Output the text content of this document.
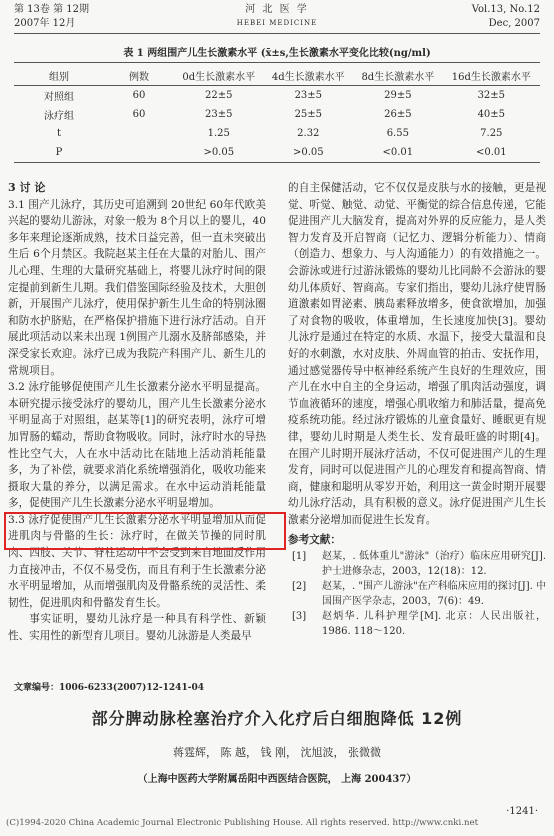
第 13卷 第 12期
2007年 12月
河 北 医 学
HEBEI MEDICINE
Vol.13, No.12
Dec, 2007
表 1 两组围产儿生长激素水平 (x̄±s,生长激素水平变化比较(ng/ml)
组别	例数	0d生长激素水平	4d生长激素水平	8d生长激素水平	16d生长激素水平
对照组	60	22±5	23±5	29±5	32±5
泳疗组	60	23±5	25±5	26±5	40±5
t		1.25	2.32	6.55	7.25
P		>0.05	>0.05	<0.01	<0.01

3 讨 论

3.1 围产儿泳疗，其历史可追溯到 20世纪 60年代欧美兴起的婴幼儿游泳，对象一般为 8个月以上的婴儿，40多年来理论逐渐成熟，技术日益完善，但一直未突破出生后 6个月禁区。我院赵某主任在大量的对胎儿、围产儿心理、生理的大量研究基础上，将婴儿泳疗时间的限定提前到新生儿期。我们借鉴国际经验及技术，大胆创新，开展围产儿泳疗，使用保护新生儿生命的特别泳圈和防水护脐贴，在严格保护措施下进行泳疗活动。自开展此项活动以来未出现 1例围产儿溺水及脐部感染，并深受家长欢迎。泳疗已成为我院产科围产儿、新生儿的常规项目。

3.2 泳疗能够促使围产儿生长激素分泌水平明显提高。本研究提示接受泳疗的婴幼儿，围产儿生长激素分泌水平明显高于对照组，赵某等[1]的研究表明，泳疗可增加胃肠的蠕动，帮助食物吸收。同时，泳疗时水的导热性比空气大，人在水中活动比在陆地上活动消耗能量多，为了补偿，就要求消化系统增强消化，吸收功能来摄取大量的养分，以满足需求。在水中运动消耗能量多，促使围产儿生长激素分泌水平明显增加。

3.3 泳疗促使围产儿生长激素分泌水平明显增加从而促进肌肉与骨骼的生长：泳疗时，在做关节操的同时肌肉、四肢、关节、脊柱运动中不会受到来自地面反作用力直接冲击，不仅不易受伤，而且有利于生长激素分泌水平明显增加，从而增强肌肉及骨骼系统的灵活性、柔韧性，促进肌肉和骨骼发育生长。

事实证明，婴幼儿泳疗是一种具有科学性、新颖性、实用性的新型育儿项目。婴幼儿泳游是人类最早

的自主保健活动，它不仅仅是皮肤与水的接触，更是视觉、听觉、触觉、动觉、平衡觉的综合信息传递，它能促进围产儿大脑发育，提高对外界的反应能力，是人类智力发育及开启智商（记忆力、逻辑分析能力）、情商（创造力、想象力、与人沟通能力）的有效措施之一。会游泳或进行过游泳锻炼的婴幼儿比同龄不会游泳的婴幼儿体质好、智商高。专家们指出，婴幼儿泳疗使胃肠道激素如胃泌素、胰岛素释放增多，使食欲增加，加强了对食物的吸收，体重增加，生长速度加快[3]。婴幼儿泳疗是通过在特定的水质、水温下，接受大量温和良好的水刺激，水对皮肤、外周血管的拍击、安抚作用，通过感觉器传导中枢神经系统产生良好的生理效应，围产儿在水中自主的全身运动，增强了肌肉活动强度，调节血液循环的速度，增强心肌收缩力和肺活量，提高免疫系统功能。经过泳疗锻炼的儿童食量好、睡眠更有规律，婴幼儿时期是人类生长、发育最旺盛的时期[4]。在围产儿时期开展泳疗活动，不仅可促进围产儿的生理发育，同时可以促进围产儿的心理发育和提高智商、情商，健康和聪明从零岁开始，利用这一黄金时期开展婴幼儿泳疗活动，具有积极的意义。泳疗促进围产儿生长激素分泌增加而促进生长发育。

参考文献：

[1] 赵某，. 低体重儿"游泳"（治疗）临床应用研究[J]. 护士进修杂志，2003，12(18)：12.
[2] 赵某，. "围产儿游泳"在产科临床应用的探讨[J]. 中国围产医学杂志，2003，7(6)：49.
[3] 赵炳华. 儿科护理学[M]. 北京：人民出版社，1986. 118～120.
文章编号：1006-6233(2007)12-1241-04
部分脾动脉栓塞治疗介入化疗后白细胞降低 12例
蒋霆辉， 陈 越， 钱 刚， 沈旭波， 张微微
（上海中医药大学附属岳阳中西医结合医院， 上海 200437）
·1241·
(C)1994-2020 China Academic Journal Electronic Publishing House. All rights reserved. http://www.cnki.net
